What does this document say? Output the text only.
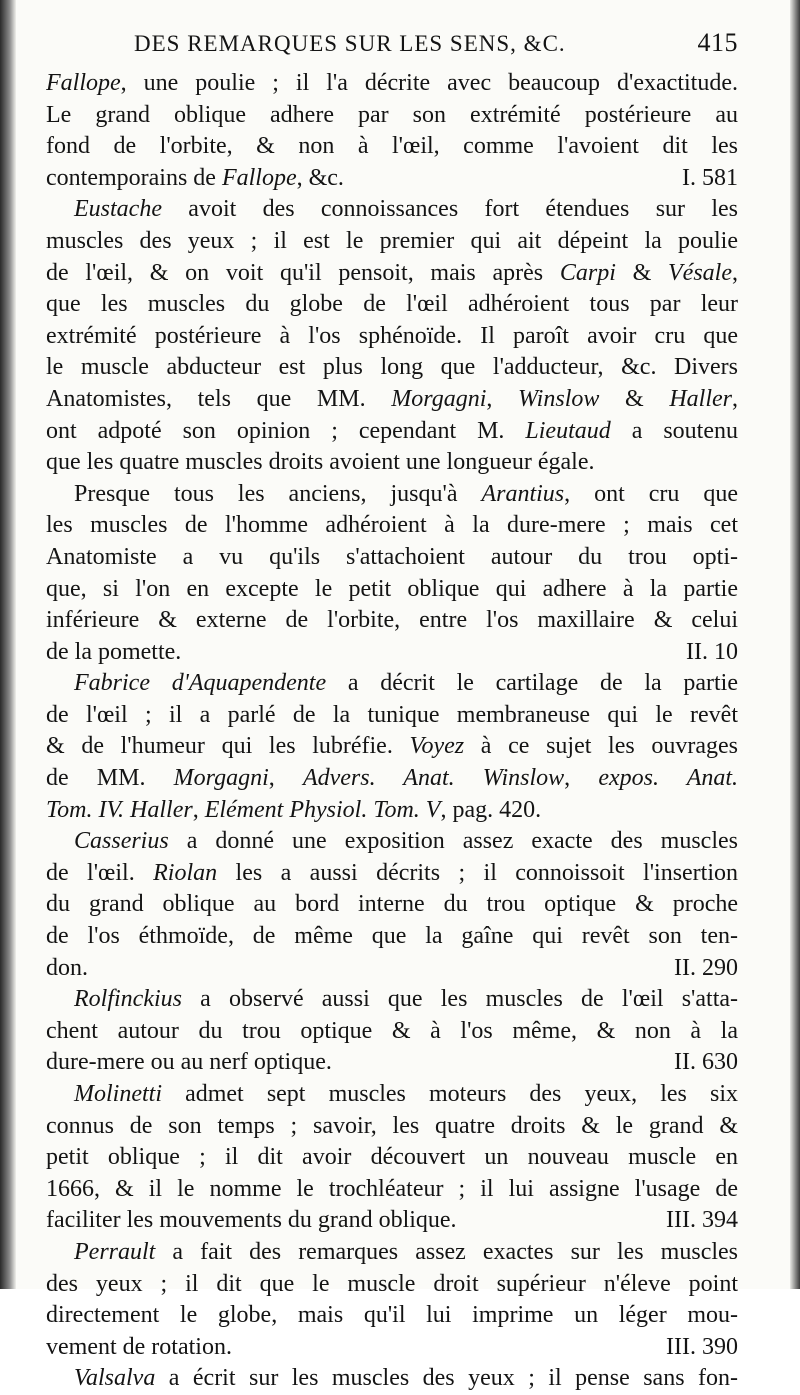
DES REMARQUES SUR LES SENS, &C.	415
Fallope, une poulie ; il l'a décrite avec beaucoup d'exactitude.
Le grand oblique adhere par son extrémité postérieure au
fond de l'orbite, & non à l'œil, comme l'avoient dit les
contemporains de Fallope, &c.	I. 581
Eustache avoit des connoissances fort étendues sur les
muscles des yeux ; il est le premier qui ait dépeint la poulie
de l'œil, & on voit qu'il pensoit, mais après Carpi & Vésale,
que les muscles du globe de l'œil adhéroient tous par leur
extrémité postérieure à l'os sphénoïde. Il paroît avoir cru que
le muscle abducteur est plus long que l'adducteur, &c. Divers
Anatomistes, tels que MM. Morgagni, Winslow & Haller,
ont adpoté son opinion ; cependant M. Lieutaud a soutenu
que les quatre muscles droits avoient une longueur égale.
Presque tous les anciens, jusqu'à Arantius, ont cru que
les muscles de l'homme adhéroient à la dure-mere ; mais cet
Anatomiste a vu qu'ils s'attachoient autour du trou opti-
que, si l'on en excepte le petit oblique qui adhere à la partie
inférieure & externe de l'orbite, entre l'os maxillaire & celui
de la pomette.	II. 10
Fabrice d'Aquapendente a décrit le cartilage de la partie
de l'œil ; il a parlé de la tunique membraneuse qui le revêt
& de l'humeur qui les lubréfie. Voyez à ce sujet les ouvrages
de MM. Morgagni, Advers. Anat. Winslow, expos. Anat.
Tom. IV. Haller, Elément Physiol. Tom. V, pag. 420.
Casserius a donné une exposition assez exacte des muscles
de l'œil. Riolan les a aussi décrits ; il connoissoit l'insertion
du grand oblique au bord interne du trou optique & proche
de l'os éthmoïde, de même que la gaîne qui revêt son ten-
don.	II. 290
Rolfinckius a observé aussi que les muscles de l'œil s'atta-
chent autour du trou optique & à l'os même, & non à la
dure-mere ou au nerf optique.	II. 630
Molinetti admet sept muscles moteurs des yeux, les six
connus de son temps ; savoir, les quatre droits & le grand &
petit oblique ; il dit avoir découvert un nouveau muscle en
1666, & il le nomme le trochléateur ; il lui assigne l'usage de
faciliter les mouvements du grand oblique.	III. 394
Perrault a fait des remarques assez exactes sur les muscles
des yeux ; il dit que le muscle droit supérieur n'éleve point
directement le globe, mais qu'il lui imprime un léger mou-
vement de rotation.	III. 390
Valsalva a écrit sur les muscles des yeux ; il pense sans fon-
